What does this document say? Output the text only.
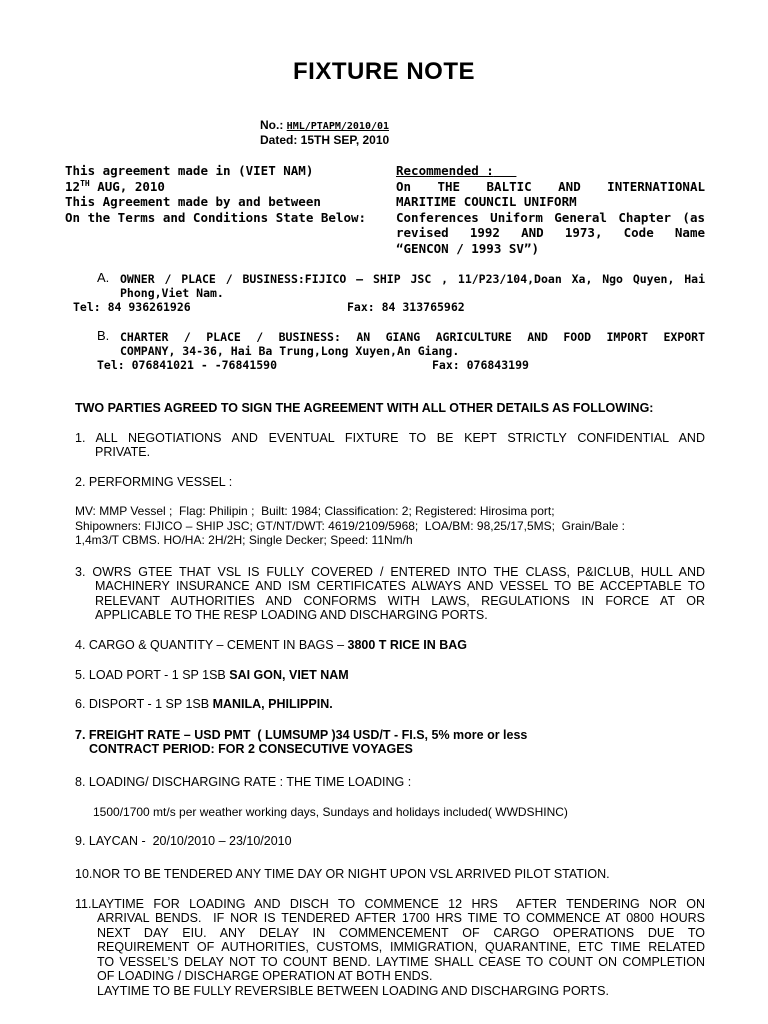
FIXTURE NOTE
No.: HML/PTAPM/2010/01
Dated: 15TH SEP, 2010
This agreement made in (VIET NAM)
12TH AUG, 2010
This Agreement made by and between
On the Terms and Conditions State Below:
Recommended :
On THE BALTIC AND INTERNATIONAL
MARITIME COUNCIL UNIFORM
Conferences Uniform General Chapter (as
revised 1992 AND 1973, Code Name
“GENCON / 1993 SV”)
A. OWNER / PLACE / BUSINESS:FIJICO – SHIP JSC , 11/P23/104,Doan Xa, Ngo Quyen, Hai
Phong,Viet Nam.
Tel: 84 936261926	Fax: 84 313765962
B. CHARTER / PLACE / BUSINESS: AN GIANG AGRICULTURE AND FOOD IMPORT EXPORT
COMPANY, 34-36, Hai Ba Trung,Long Xuyen,An Giang.
Tel: 076841021 - -76841590	Fax: 076843199
TWO PARTIES AGREED TO SIGN THE AGREEMENT WITH ALL OTHER DETAILS AS FOLLOWING:
1. ALL NEGOTIATIONS AND EVENTUAL FIXTURE TO BE KEPT STRICTLY CONFIDENTIAL AND
PRIVATE.
2. PERFORMING VESSEL :
MV: MMP Vessel ;  Flag: Philipin ;  Built: 1984; Classification: 2; Registered: Hirosima port;
Shipowners: FIJICO – SHIP JSC; GT/NT/DWT: 4619/2109/5968;  LOA/BM: 98,25/17,5MS;  Grain/Bale :
1,4m3/T CBMS. HO/HA: 2H/2H; Single Decker; Speed: 11Nm/h
3. OWRS GTEE THAT VSL IS FULLY COVERED / ENTERED INTO THE CLASS, P&ICLUB, HULL AND
MACHINERY INSURANCE AND ISM CERTIFICATES ALWAYS AND VESSEL TO BE ACCEPTABLE TO
RELEVANT AUTHORITIES AND CONFORMS WITH LAWS, REGULATIONS IN FORCE AT OR
APPLICABLE TO THE RESP LOADING AND DISCHARGING PORTS.
4. CARGO & QUANTITY – CEMENT IN BAGS – 3800 T RICE IN BAG
5. LOAD PORT - 1 SP 1SB SAI GON, VIET NAM
6. DISPORT - 1 SP 1SB MANILA, PHILIPPIN.
7. FREIGHT RATE – USD PMT  ( LUMSUMP )34 USD/T - FI.S, 5% more or less
CONTRACT PERIOD: FOR 2 CONSECUTIVE VOYAGES
8. LOADING/ DISCHARGING RATE : THE TIME LOADING :
1500/1700 mt/s per weather working days, Sundays and holidays included( WWDSHINC)
9. LAYCAN -  20/10/2010 – 23/10/2010
10.NOR TO BE TENDERED ANY TIME DAY OR NIGHT UPON VSL ARRIVED PILOT STATION.
11.LAYTIME FOR LOADING AND DISCH TO COMMENCE 12 HRS  AFTER TENDERING NOR ON
ARRIVAL BENDS.  IF NOR IS TENDERED AFTER 1700 HRS TIME TO COMMENCE AT 0800 HOURS
NEXT DAY EIU. ANY DELAY IN COMMENCEMENT OF CARGO OPERATIONS DUE TO
REQUIREMENT OF AUTHORITIES, CUSTOMS, IMMIGRATION, QUARANTINE, ETC TIME RELATED
TO VESSEL’S DELAY NOT TO COUNT BEND. LAYTIME SHALL CEASE TO COUNT ON COMPLETION
OF LOADING / DISCHARGE OPERATION AT BOTH ENDS.
LAYTIME TO BE FULLY REVERSIBLE BETWEEN LOADING AND DISCHARGING PORTS.
